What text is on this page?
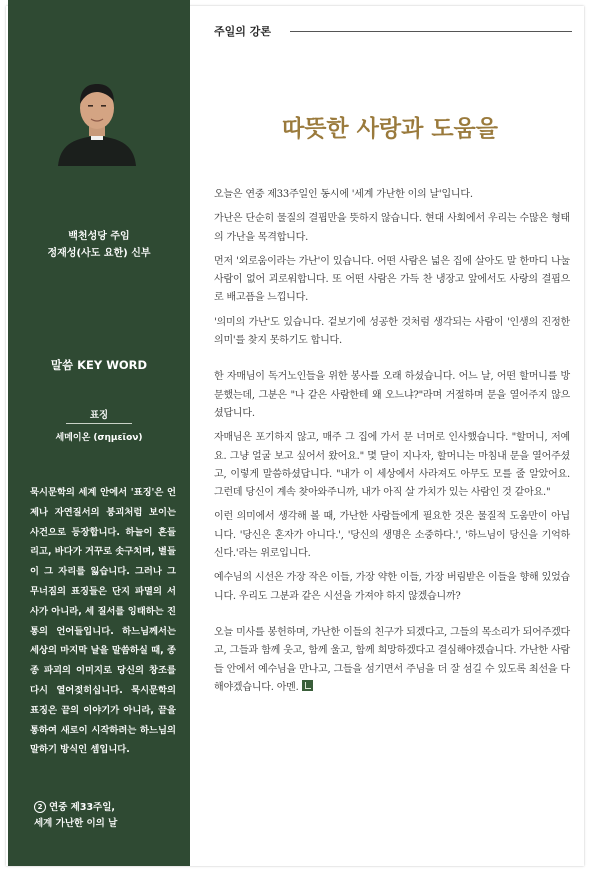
백천성당 주임
정재성(사도 요한) 신부
말씀 KEY WORD
표징
세메이온 (σημεῖον)
묵시문학의 세계 안에서 '표징'은 언제나 자연질서의 붕괴처럼 보이는 사건으로 등장합니다. 하늘이 흔들리고, 바다가 거꾸로 솟구치며, 별들이 그 자리를 잃습니다. 그러나 그 무너짐의 표징들은 단지 파멸의 서사가 아니라, 세 질서를 잉태하는 진통의 언어들입니다. 하느님께서는 세상의 마지막 날을 말씀하실 때, 종종 파괴의 이미지로 당신의 창조를 다시 열어젖히십니다. 묵시문학의 표징은 끝의 이야기가 아니라, 끝을 통하여 새로이 시작하려는 하느님의 말하기 방식인 셈입니다.
2 연중 제33주일,
세계 가난한 이의 날
주일의 강론
따뜻한 사랑과 도움을

오늘은 연중 제33주일인 동시에 '세계 가난한 이의 날'입니다.

가난은 단순히 물질의 결핍만을 뜻하지 않습니다. 현대 사회에서 우리는 수많은 형태의 가난을 목격합니다.

먼저 '외로움이라는 가난'이 있습니다. 어떤 사람은 넓은 집에 살아도 말 한마디 나눌 사람이 없어 괴로워합니다. 또 어떤 사람은 가득 찬 냉장고 앞에서도 사랑의 결핍으로 배고픔을 느낍니다.

'의미의 가난'도 있습니다. 겉보기에 성공한 것처럼 생각되는 사람이 '인생의 진정한 의미'를 찾지 못하기도 합니다.

한 자매님이 독거노인들을 위한 봉사를 오래 하셨습니다. 어느 날, 어떤 할머니를 방문했는데, 그분은 "나 같은 사람한테 왜 오느냐?"라며 거절하며 문을 열어주지 않으셨답니다.

자매님은 포기하지 않고, 매주 그 집에 가서 문 너머로 인사했습니다. "할머니, 저예요. 그냥 얼굴 보고 싶어서 왔어요." 몇 달이 지나자, 할머니는 마침내 문을 열어주셨고, 이렇게 말씀하셨답니다. "내가 이 세상에서 사라져도 아무도 모를 줄 알았어요. 그런데 당신이 계속 찾아와주니까, 내가 아직 살 가치가 있는 사람인 것 같아요."

이런 의미에서 생각해 볼 때, 가난한 사람들에게 필요한 것은 물질적 도움만이 아닙니다. '당신은 혼자가 아니다.', '당신의 생명은 소중하다.', '하느님이 당신을 기억하신다.'라는 위로입니다.

예수님의 시선은 가장 작은 이들, 가장 약한 이들, 가장 버림받은 이들을 향해 있었습니다. 우리도 그분과 같은 시선을 가져야 하지 않겠습니까?

오늘 미사를 봉헌하며, 가난한 이들의 친구가 되겠다고, 그들의 목소리가 되어주겠다고, 그들과 함께 웃고, 함께 울고, 함께 희망하겠다고 결심해야겠습니다. 가난한 사람들 안에서 예수님을 만나고, 그들을 섬기면서 주님을 더 잘 섬길 수 있도록 최선을 다해야겠습니다. 아멘.
